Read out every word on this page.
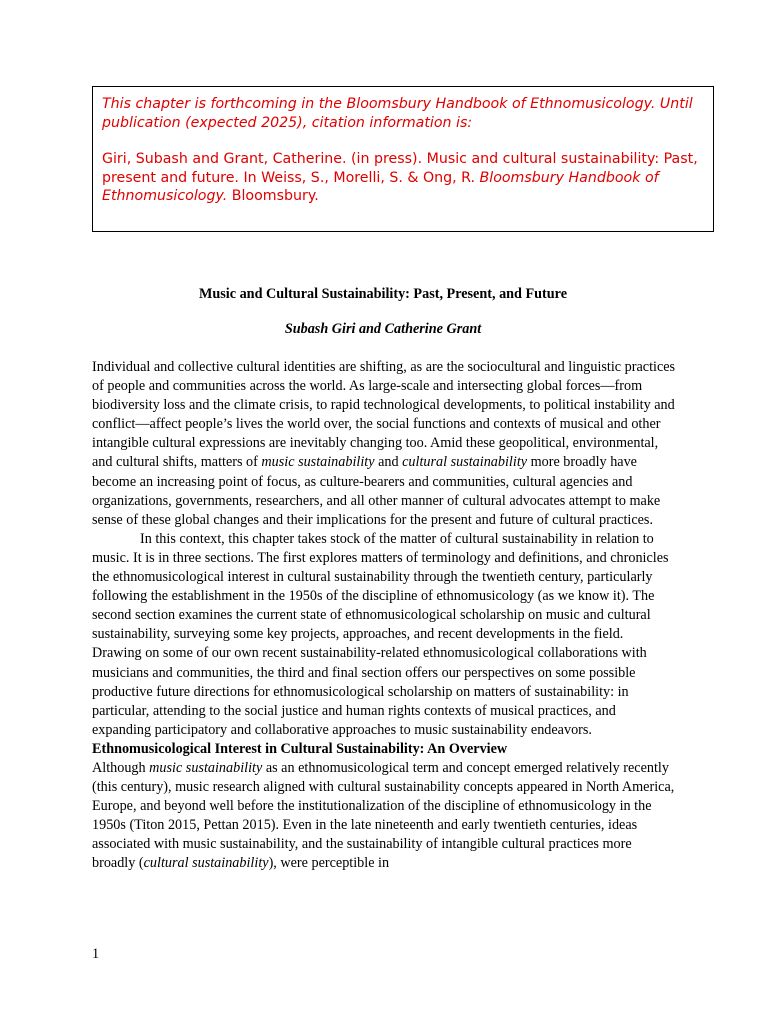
This chapter is forthcoming in the Bloomsbury Handbook of Ethnomusicology. Until publication (expected 2025), citation information is:

Giri, Subash and Grant, Catherine. (in press). Music and cultural sustainability: Past, present and future. In Weiss, S., Morelli, S. & Ong, R. Bloomsbury Handbook of Ethnomusicology. Bloomsbury.

Music and Cultural Sustainability: Past, Present, and Future
Subash Giri and Catherine Grant

Individual and collective cultural identities are shifting, as are the sociocultural and linguistic practices of people and communities across the world. As large-scale and intersecting global forces—from biodiversity loss and the climate crisis, to rapid technological developments, to political instability and conflict—affect people’s lives the world over, the social functions and contexts of musical and other intangible cultural expressions are inevitably changing too. Amid these geopolitical, environmental, and cultural shifts, matters of music sustainability and cultural sustainability more broadly have become an increasing point of focus, as culture-bearers and communities, cultural agencies and organizations, governments, researchers, and all other manner of cultural advocates attempt to make sense of these global changes and their implications for the present and future of cultural practices.

In this context, this chapter takes stock of the matter of cultural sustainability in relation to music. It is in three sections. The first explores matters of terminology and definitions, and chronicles the ethnomusicological interest in cultural sustainability through the twentieth century, particularly following the establishment in the 1950s of the discipline of ethnomusicology (as we know it). The second section examines the current state of ethnomusicological scholarship on music and cultural sustainability, surveying some key projects, approaches, and recent developments in the field. Drawing on some of our own recent sustainability-related ethnomusicological collaborations with musicians and communities, the third and final section offers our perspectives on some possible productive future directions for ethnomusicological scholarship on matters of sustainability: in particular, attending to the social justice and human rights contexts of musical practices, and expanding participatory and collaborative approaches to music sustainability endeavors.

Ethnomusicological Interest in Cultural Sustainability: An Overview

Although music sustainability as an ethnomusicological term and concept emerged relatively recently (this century), music research aligned with cultural sustainability concepts appeared in North America, Europe, and beyond well before the institutionalization of the discipline of ethnomusicology in the 1950s (Titon 2015, Pettan 2015). Even in the late nineteenth and early twentieth centuries, ideas associated with music sustainability, and the sustainability of intangible cultural practices more broadly (cultural sustainability), were perceptible in

1
